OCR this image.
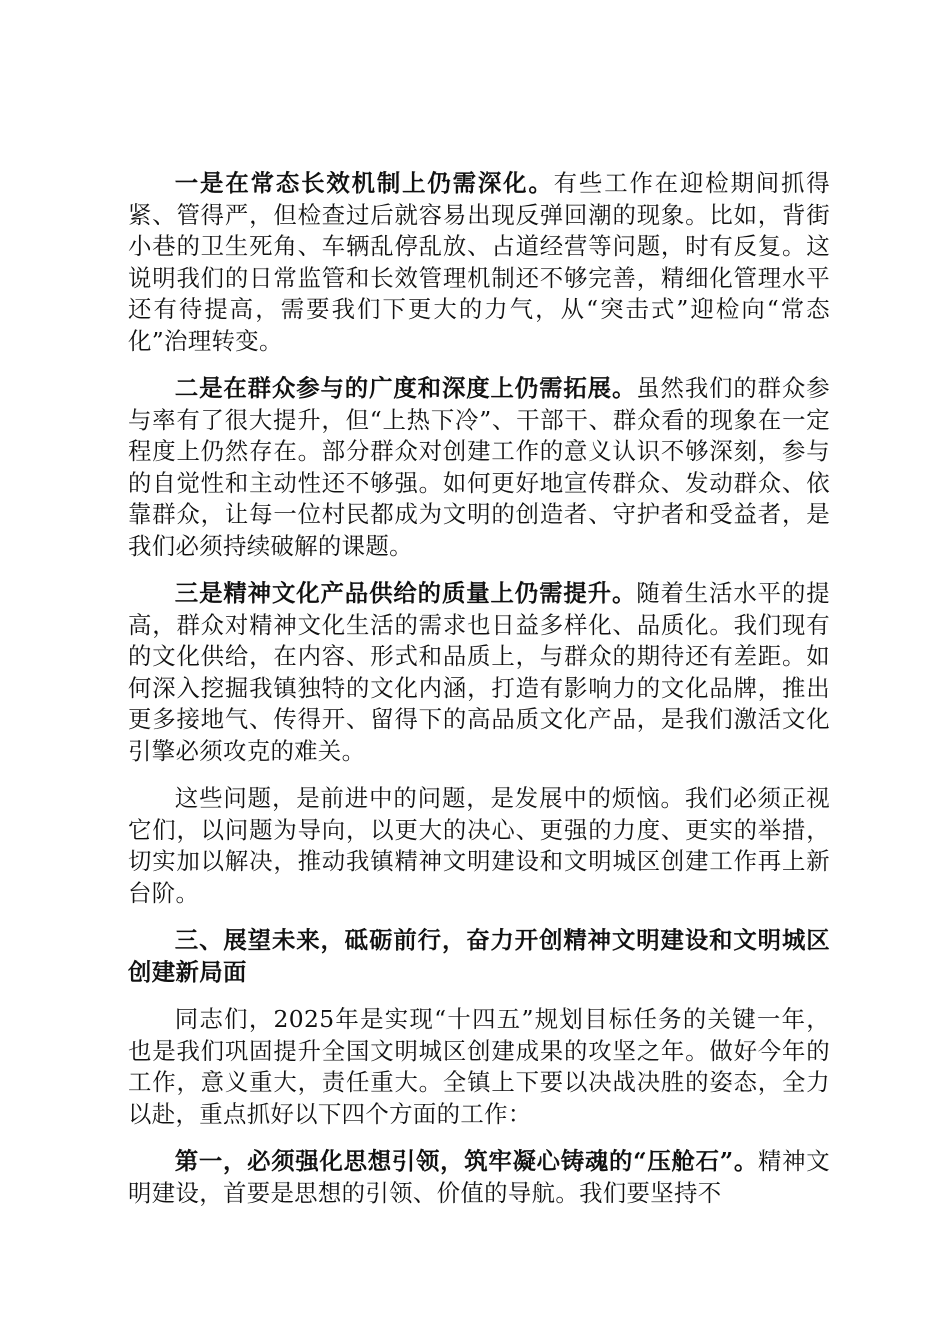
一是在常态长效机制上仍需深化。有些工作在迎检期间抓得紧、管得严，但检查过后就容易出现反弹回潮的现象。比如，背街小巷的卫生死角、车辆乱停乱放、占道经营等问题，时有反复。这说明我们的日常监管和长效管理机制还不够完善，精细化管理水平还有待提高，需要我们下更大的力气，从“突击式”迎检向“常态化”治理转变。

二是在群众参与的广度和深度上仍需拓展。虽然我们的群众参与率有了很大提升，但“上热下冷”、干部干、群众看的现象在一定程度上仍然存在。部分群众对创建工作的意义认识不够深刻，参与的自觉性和主动性还不够强。如何更好地宣传群众、发动群众、依靠群众，让每一位村民都成为文明的创造者、守护者和受益者，是我们必须持续破解的课题。

三是精神文化产品供给的质量上仍需提升。随着生活水平的提高，群众对精神文化生活的需求也日益多样化、品质化。我们现有的文化供给，在内容、形式和品质上，与群众的期待还有差距。如何深入挖掘我镇独特的文化内涵，打造有影响力的文化品牌，推出更多接地气、传得开、留得下的高品质文化产品，是我们激活文化引擎必须攻克的难关。

这些问题，是前进中的问题，是发展中的烦恼。我们必须正视它们，以问题为导向，以更大的决心、更强的力度、更实的举措，切实加以解决，推动我镇精神文明建设和文明城区创建工作再上新台阶。

三、展望未来，砥砺前行，奋力开创精神文明建设和文明城区创建新局面

同志们，2025年是实现“十四五”规划目标任务的关键一年，也是我们巩固提升全国文明城区创建成果的攻坚之年。做好今年的工作，意义重大，责任重大。全镇上下要以决战决胜的姿态，全力以赴，重点抓好以下四个方面的工作：

第一，必须强化思想引领，筑牢凝心铸魂的“压舱石”。精神文明建设，首要是思想的引领、价值的导航。我们要坚持不
